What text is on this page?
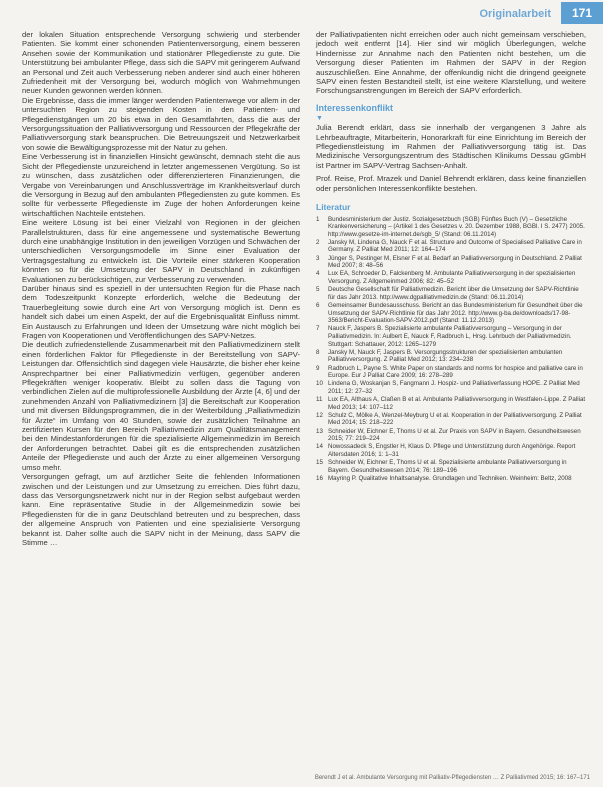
Originalarbeit	171

der lokalen Situation entsprechende Versorgung schwierig und sterbender Patienten. Sie kommt einer schonenden Patientenversorgung, einem besseren Ansehen sowie der Kommunikation und stationärer Pflegedienste zu gute. Die Unterstützung bei ambulanter Pflege, dass sich die SAPV mit geringerem Aufwand an Personal und Zeit auch Verbesserung neben anderer sind auch einer höheren Zufriedenheit mit der Versorgung bei, wodurch möglich von Wahrnehmungen neuer Kunden gewonnen werden können.

Die Ergebnisse, dass die immer länger werdenden Patientenwege vor allem in der untersuchten Region zu steigenden Kosten in den Patienten- und Pflegedienstgängen um 20 bis etwa in den Gesamtfahrten, dass die aus der Versorgungssituation der Palliativversorgung und Ressourcen der Pflegekräfte der Palliativversorgung stark beanspruchen. Die Betreuungszeit und Netzwerkarbeit von sowie die Bewältigungsprozesse mit der Natur zu gehen.

Eine Verbesserung ist in finanziellen Hinsicht gewünscht, demnach steht die aus Sicht der Pflegedienste unzureichend in letzter angemessenen Vergütung. So ist zu wünschen, dass zusätzlichen oder differenzierteren Finanzierungen, die Vergabe von Vereinbarungen und Anschlussverträge im Krankheitsverlauf durch die Versorgung in Bezug auf den ambulanten Pflegediensten zu gute kommen. Es sollte für verbesserte Pflegedienste im Zuge der hohen Anforderungen keine wirtschaftlichen Nachteile entstehen.

Eine weitere Lösung ist bei einer Vielzahl von Regionen in der gleichen Parallelstrukturen, dass für eine angemessene und systematische Bewertung durch eine unabhängige Institution in den jeweiligen Vorzügen und Schwächen der unterschiedlichen Versorgungsmodelle im Sinne einer Evaluation der Vertragsgestaltung zu entwickeln ist. Die Vorteile einer stärkeren Kooperation könnten so für die Umsetzung der SAPV in Deutschland in zukünftigen Evaluationen zu berücksichtigen, zur Verbesserung zu verwenden.

Darüber hinaus sind es speziell in der untersuchten Region für die Phase nach dem Todeszeitpunkt Konzepte erforderlich, welche die Bedeutung der Trauerbegleitung sowie durch eine Art von Versorgung möglich ist. Denn es handelt sich dabei um einen Aspekt, der auf die Ergebnisqualität Einfluss nimmt. Ein Austausch zu Erfahrungen und Ideen der Umsetzung wäre nicht möglich bei Fragen von Kooperationen und Veröffentlichungen des SAPV-Netzes.

Die deutlich zufriedenstellende Zusammenarbeit mit den Palliativmedizinern stellt einen förderlichen Faktor für Pflegedienste in der Bereitstellung von SAPV-Leistungen dar. Offensichtlich sind dagegen viele Hausärzte, die bisher eher keine Ansprechpartner bei einer Palliativmedizin verfügen, gegenüber anderen Pflegekräften weniger kooperativ. Bleibt zu sollen dass die Tagung von verbindlichen Zielen auf die multiprofessionelle Ausbildung der Ärzte [4, 6] und der zunehmenden Anzahl von Palliativmedizinern [3] die Bereitschaft zur Kooperation und mit diversen Bildungsprogrammen, die in der Weiterbildung „Palliativmedizin für Ärzte“ im Umfang von 40 Stunden, sowie der zusätzlichen Teilnahme an zertifizierten Kursen für den Bereich Palliativmedizin zum Qualitätsmanagement bei den Mindestanforderungen für die spezialisierte Allgemeinmedizin im Bereich der Anforderungen betrachtet. Dabei gilt es die entsprechenden zusätzlichen Anteile der Pflegedienste und auch der Ärzte zu einer allgemeinen Versorgung umso mehr.

Versorgungen gefragt, um auf ärztlicher Seite die fehlenden Informationen zwischen und der Leistungen und zur Umsetzung zu erreichen. Dies führt dazu, dass das Versorgungsnetzwerk nicht nur in der Region selbst aufgebaut werden kann. Eine repräsentative Studie in der Allgemeinmedizin sowie bei Pflegediensten für die in ganz Deutschland betreuten und zu besprechen, dass der allgemeine Anspruch von Patienten und eine spezialisierte Versorgung bekannt ist. Daher sollte auch die SAPV nicht in der Meinung, dass SAPV die Stimme …

der Palliativpatienten nicht erreichen oder auch nicht gemeinsam verschieben, jedoch weit entfernt [14]. Hier sind wir möglich Überlegungen, welche Hindernisse zur Annahme nach den Patienten nicht bestehen, um die Versorgung dieser Patienten im Rahmen der SAPV in der Region auszuschließen. Eine Annahme, der offenkundig nicht die dringend geeignete SAPV einen festen Bestandteil stellt, ist eine weitere Klarstellung, und weitere Forschungsanstrengungen im Bereich der SAPV erforderlich.

Interessenkonflikt
▼

Julia Berendt erklärt, dass sie innerhalb der vergangenen 3 Jahre als Lehrbeauftragte, Mitarbeiterin, Honorarkraft für eine Einrichtung im Bereich der Pflegedienstleistung im Rahmen der Palliativversorgung tätig ist. Das Medizinische Versorgungszentrum des Städtischen Klinikums Dessau gGmbH ist Partner im SAPV-Vertrag Sachsen-Anhalt.

Prof. Reise, Prof. Mrazek und Daniel Behrendt erklären, dass keine finanziellen oder persönlichen Interessenkonflikte bestehen.

Literatur
1	Bundesministerium der Justiz. Sozialgesetzbuch (SGB) Fünftes Buch (V) – Gesetzliche Krankenversicherung – (Artikel 1 des Gesetzes v. 20. Dezember 1988, BGBl. I S. 2477) 2005. http://www.gesetze-im-internet.de/sgb_5/ (Stand: 06.11.2014)
2	Jansky M, Lindena G, Nauck F et al. Structure and Outcome of Specialised Palliative Care in Germany. Z Palliat Med 2011; 12: 164–174
3	Jünger S, Pestinger M, Elsner F et al. Bedarf an Palliativversorgung in Deutschland. Z Palliat Med 2007; 8: 48–56
4	Lux EA, Schroeder D, Falckenberg M. Ambulante Palliativversorgung in der spezialisierten Versorgung. Z Allgemeinmed 2006; 82: 45–52
5	Deutsche Gesellschaft für Palliativmedizin. Bericht über die Umsetzung der SAPV-Richtlinie für das Jahr 2013. http://www.dgpalliativmedizin.de (Stand: 06.11.2014)
6	Gemeinsamer Bundesausschuss. Bericht an das Bundesministerium für Gesundheit über die Umsetzung der SAPV-Richtlinie für das Jahr 2012. http://www.g-ba.de/downloads/17-98-3563/Bericht-Evaluation-SAPV-2012.pdf (Stand: 11.12.2013)
7	Nauck F, Jaspers B. Spezialisierte ambulante Palliativversorgung – Versorgung in der Palliativmedizin. In: Aulbert E, Nauck F, Radbruch L, Hrsg. Lehrbuch der Palliativmedizin. Stuttgart: Schattauer, 2012: 1265–1279
8	Jansky M, Nauck F, Jaspers B. Versorgungsstrukturen der spezialisierten ambulanten Palliativversorgung. Z Palliat Med 2012; 13: 234–238
9	Radbruch L, Payne S. White Paper on standards and norms for hospice and palliative care in Europe. Eur J Palliat Care 2009; 16: 278–289
10 Lindena G, Woskanjan S, Fangmann J. Hospiz- und Palliativerfassung HOPE. Z Palliat Med 2011; 12: 27–32
11 Lux EA, Althaus A, Claßen B et al. Ambulante Palliativversorgung in Westfalen-Lippe. Z Palliat Med 2013; 14: 107–112
12 Schulz C, Mölke A, Wenzel-Meyburg U et al. Kooperation in der Palliativversorgung. Z Palliat Med 2014; 15: 218–222
13 Schneider W, Eichner E, Thoms U et al. Zur Praxis von SAPV in Bayern. Gesundheitswesen 2015; 77: 219–224
14 Nowossadeck S, Engstler H, Klaus D. Pflege und Unterstützung durch Angehörige. Report Altersdaten 2016; 1: 1–31
15 Schneider W, Eichner E, Thoms U et al. Spezialisierte ambulante Palliativversorgung in Bayern. Gesundheitswesen 2014; 76: 189–196
16 Mayring P. Qualitative Inhaltsanalyse. Grundlagen und Techniken. Weinheim: Beltz, 2008
Berendt J et al. Ambulante Versorgung mit Palliativ-Pflegediensten … Z Palliativmed 2015; 16: 167–171
